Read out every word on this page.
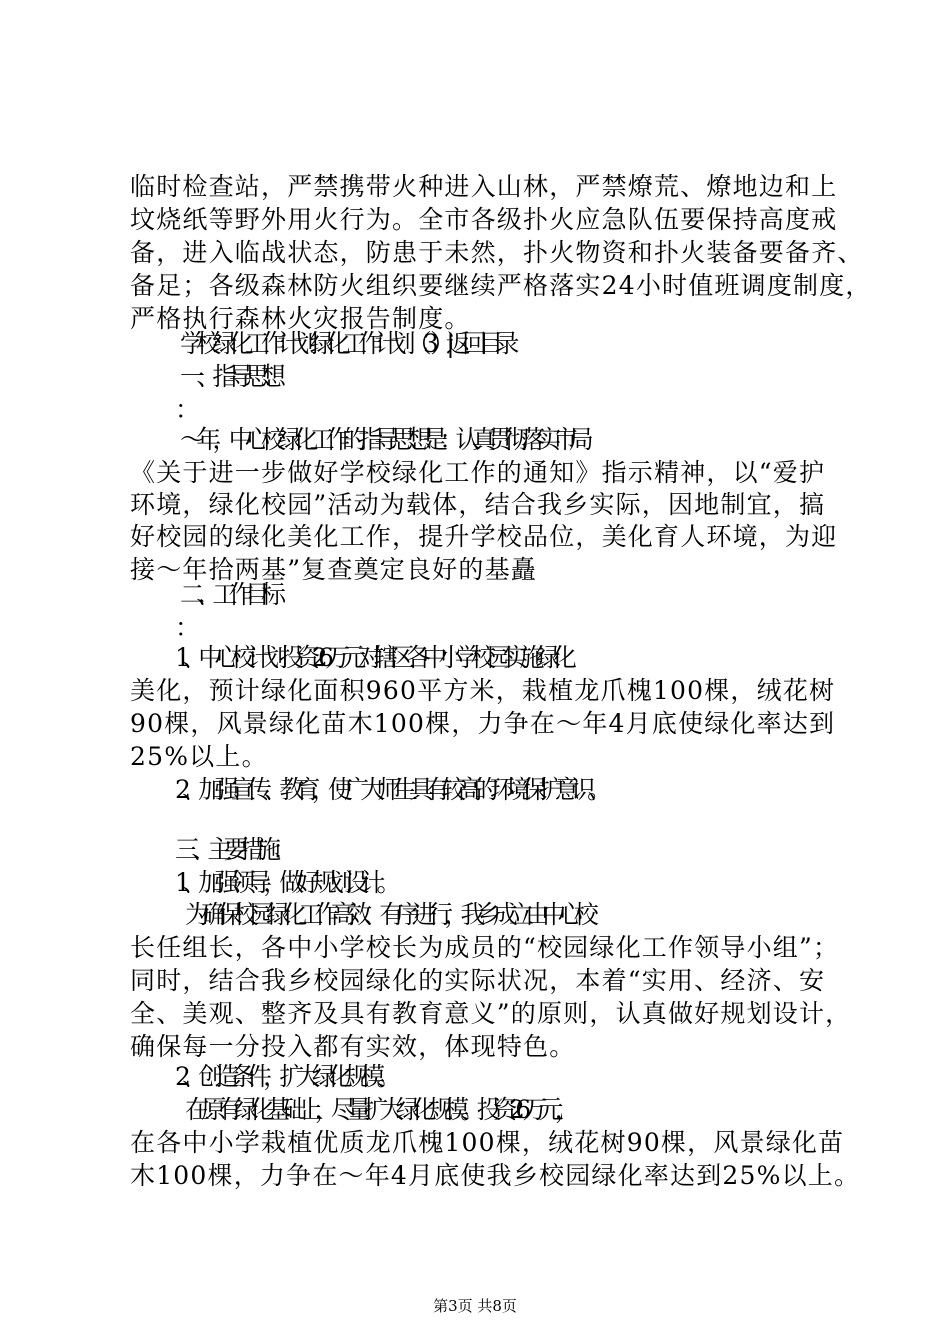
临时检查站，严禁携带火种进入山林，严禁燎荒、燎地边和上
坟烧纸等野外用火行为。全市各级扑火应急队伍要保持高度戒
备，进入临战状态，防患于未然，扑火物资和扑火装备要备齐、
备足；各级森林防火组织要继续严格落实24小时值班调度制度，
严格执行森林火灾报告制度。
学校绿化工作计划绿化工作计划（3）|返回目录
一、指导思想
：
～年，中心校绿化工作的指导思想是：认真贯彻落实市局
《关于进一步做好学校绿化工作的通知》指示精神，以“爱护
环境，绿化校园”活动为载体，结合我乡实际，因地制宜，搞
好校园的绿化美化工作，提升学校品位，美化育人环境，为迎
接～年拾两基”复查奠定良好的基矗
二、工作目标
：
1、中心校计划投资2.6万元对辖区各中小学校园实施绿化
美化，预计绿化面积960平方米，栽植龙爪槐100棵，绒花树
90棵，风景绿化苗木100棵，力争在～年4月底使绿化率达到
25%以上。
2、加强宣传、教育，使广大师生具有较高的环境保护意识。
三、主要措施：
1、加强领导，做好规划设计。
为确保校园绿化工作高效、有序进行，我乡成立由中心校
长任组长，各中小学校长为成员的“校园绿化工作领导小组”；
同时，结合我乡校园绿化的实际状况，本着“实用、经济、安
全、美观、整齐及具有教育意义”的原则，认真做好规划设计，
确保每一分投入都有实效，体现特色。
2、创造条件，扩大绿化规模。
在原有绿化基础上，尽量扩大绿化规模。投资2.6万元，
在各中小学栽植优质龙爪槐100棵，绒花树90棵，风景绿化苗
木100棵，力争在～年4月底使我乡校园绿化率达到25%以上。
第3页 共8页
